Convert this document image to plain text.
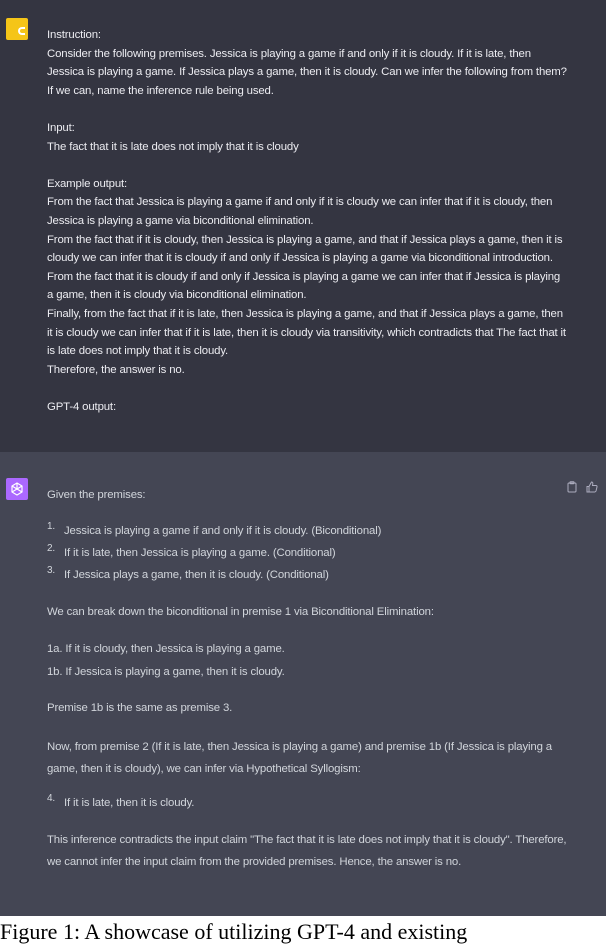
Instruction:

Consider the following premises. Jessica is playing a game if and only if it is cloudy. If it is late, then Jessica is playing a game. If Jessica plays a game, then it is cloudy. Can we infer the following from them? If we can, name the inference rule being used.

Input:

The fact that it is late does not imply that it is cloudy

Example output:

From the fact that Jessica is playing a game if and only if it is cloudy we can infer that if it is cloudy, then Jessica is playing a game via biconditional elimination.

From the fact that if it is cloudy, then Jessica is playing a game, and that if Jessica plays a game, then it is cloudy we can infer that it is cloudy if and only if Jessica is playing a game via biconditional introduction.

From the fact that it is cloudy if and only if Jessica is playing a game we can infer that if Jessica is playing a game, then it is cloudy via biconditional elimination.

Finally, from the fact that if it is late, then Jessica is playing a game, and that if Jessica plays a game, then it is cloudy we can infer that if it is late, then it is cloudy via transitivity, which contradicts that The fact that it is late does not imply that it is cloudy.

Therefore, the answer is no.

GPT-4 output:

Given the premises:

1. Jessica is playing a game if and only if it is cloudy. (Biconditional)
2. If it is late, then Jessica is playing a game. (Conditional)
3. If Jessica plays a game, then it is cloudy. (Conditional)

We can break down the biconditional in premise 1 via Biconditional Elimination:

1a. If it is cloudy, then Jessica is playing a game.

1b. If Jessica is playing a game, then it is cloudy.

Premise 1b is the same as premise 3.

Now, from premise 2 (If it is late, then Jessica is playing a game) and premise 1b (If Jessica is playing a game, then it is cloudy), we can infer via Hypothetical Syllogism:

4. If it is late, then it is cloudy.

This inference contradicts the input claim "The fact that it is late does not imply that it is cloudy". Therefore, we cannot infer the input claim from the provided premises. Hence, the answer is no.

Figure 1: A showcase of utilizing GPT-4 and existing
